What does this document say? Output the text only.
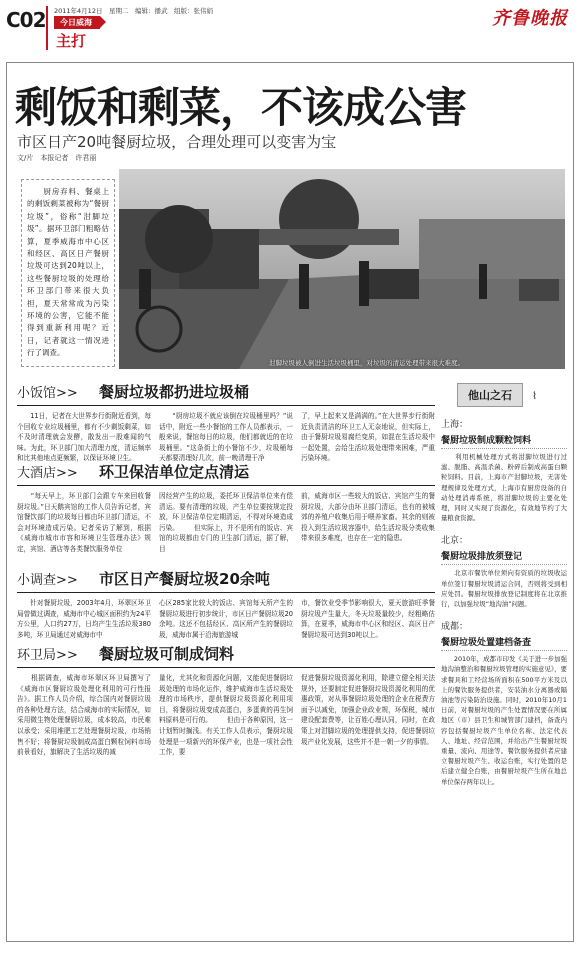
C02 2011年4月12日　星期二　编辑：播武　组版：张伟娟
今日威海
主打
齐鲁晚报
剩饭和剩菜，不该成公害
市区日产20吨餐厨垃圾，合理处理可以变害为宝
文/片　本报记者　许君丽
　　厨房弃料、餐桌上的剩饭剩菜被称为“餐厨垃圾”，俗称“泔脚垃圾”。据环卫部门粗略估算，夏季威海市中心区和经区、高区日产餐厨垃圾可达到20吨以上，这些餐厨垃圾的处理给环卫部门带来很大负担，夏天常常成为污染环境的公害，它能不能得到重新利用呢？近日，记者就这一情况进行了调查。
泔脚垃圾被人倒进生活垃圾桶里，对垃圾的清运处理带来很大难度。
小饭馆>>	餐厨垃圾都扔进垃圾桶
　　11日，记者在大世界步行街附近看到，每个回收专业垃圾桶里，都有不少剩饭剩菜，如不及时清理就会发酵，散发出一股难闻的气味。为此，环卫部门加大清理力度，清运频率和比其他地点更频繁，以保证环境卫生。
　　“厨房垃圾不就应该倒在垃圾桶里吗？”说话中，附近一些小餐馆的工作人员都表示，一般来说，餐馆每日的垃圾，他们都就近的在垃圾桶里。“这条街上的小餐馆不少，垃圾桶每天都要清理好几次，前一晚清理干净
了，早上起来又是满满的。”在大世界步行街附近负责清洁的环卫工人无奈地说，但实际上，由于餐厨垃圾易腐烂变质，如混在生活垃圾中一起处置，会给生活垃圾处理带来困难，严重污染环境。
大酒店>>	环卫保洁单位定点清运
　　“每天早上，环卫部门会跟专车来回收餐厨垃圾。”日天鹅宾馆的工作人员告诉记者，宾馆餐饮部门的垃圾每日都由环卫部门清运，不会对环境造成污染。记者采访了解到，根据《威海市城市市容和环境卫生管理办法》规定，宾馆、酒店等各类餐饮服务单位
因经营产生的垃圾，委托环卫保洁单位来有偿清运。要有清理的垃圾，产生单位要按规定投放，环卫保洁单位定期清运，不得对环境造成污染。 　　但实际上，并不是所有的饭店、宾馆的垃圾都由专门的卫生部门清运，据了解，目
前，威海市区一些较大的饭店、宾馆产生的餐厨垃圾，大部分由环卫部门清运，也有的被城郊的养殖户收集后用于喂养家畜。其余的则被投入到生活垃圾容器中，给生活垃圾分类收集带来很多难度，也存在一定的隐患。
小调查>>	市区日产餐厨垃圾20余吨
　　针对餐厨垃圾，2003年4月，环翠区环卫局曾做过调查，威海市中心城区面积约为24平方公里，人口约27万，日均产生生活垃圾380多吨，环卫局通过对威海市中
心区285家比较大的饭店、宾馆每天所产生的餐厨垃圾进行初步统计，市区日产餐厨垃圾20余吨。这还不包括经区、高区所产生的餐厨垃圾，威海市属于沿海旅游城
市，餐饮业受季节影响很大，夏天旅游旺季餐厨垃圾产生量大，冬天垃圾量较少，经粗略估算，在夏季，威海市中心区和经区、高区日产餐厨垃圾可达到30吨以上。
环卫局>>	餐厨垃圾可制成饲料
　　根据调查，威海市环翠区环卫局撰写了《威海市区餐厨垃圾处理化利用的可行性报告》。据工作人员介绍，综合国内对餐厨垃圾的各种处理方法，结合威海市的实际情况，如采用微生物处理餐厨垃圾，成本较高，市民难以承受；采用堆肥工艺处理餐厨垃圾，市场销售不好；将餐厨垃圾制成高蛋白颗粒饲料市场前景看好，旗解决了生活垃圾的减
量化，尤其化和资源化问题，又能促进餐厨垃圾处理的市场化运作，维护威海市生活垃圾处理的市场秩序，提供餐厨垃圾资源化利用项目，将餐厨垃圾变成高蛋白，多蛋黄的再生饲料原料是可行的。 　　但由于各种原因，这一计划暂时搁浅。有关工作人员表示，餐厨垃圾处理是一项新兴的环保产业，也是一项社会性工作，要
促进餐厨垃圾资源化利用，除建立健全相关法规外，还要制定促进餐厨垃圾资源化利用的优惠政策，对从事餐厨垃圾处理的企业在税费方面予以减免，加强企业政业规，环保税，城市建设配套费等，让百姓心理认同，同时，在政策上对泔脚垃圾的处理提供支持，促进餐厨垃圾产业化发展，这些并不是一朝一夕的事情。
他山之石 ⌇
上海：
餐厨垃圾制成颗粒饲料
　　利用机械处理方式将泔脚垃圾进行过滤、脱脂、高温杀菌、粉碎后制成高蛋白颗粒饲料。目前，上海市产泔脚垃圾，无害处理规律及处理方式，上海市有厨房设备的自动处理消毒系统，将泔脚垃圾的主要化处理，同时又实现了资源化，有效地节约了大量粮食资源。
北京：
餐厨垃圾排放须登记
　　北京市餐饮单位须向有资质的垃圾收运单位签订餐厨垃圾清运合同，否则将受到相应处罚。餐厨垃圾排放登记制度将在北京推行，以加强垃圾“地沟油”问题。
成都：
餐厨垃圾处置建档备查
　　2010年，成都市印发《关于进一步加强地沟油整治和餐厨垃圾管理的实施意见》，要求餐具和工经营场所面积在500平方米及以上的餐饮服务提供者，安装油水分离器或隔油池等污染防治设施。同时，2010年10月1日前，对餐厨垃圾的产生处置情况要在所属地区（市）县卫生和城管部门建档，备查内容包括餐厨垃圾产生单位名称、法定代表人、地址、经营范围，并给出产生餐厨垃圾重量、流向、用途等。餐饮服务提供者应建立餐厨垃圾产生、收运台账，实行处置的是后建立健全台账，由餐厨垃圾产生所在地总单位保存两年以上。
